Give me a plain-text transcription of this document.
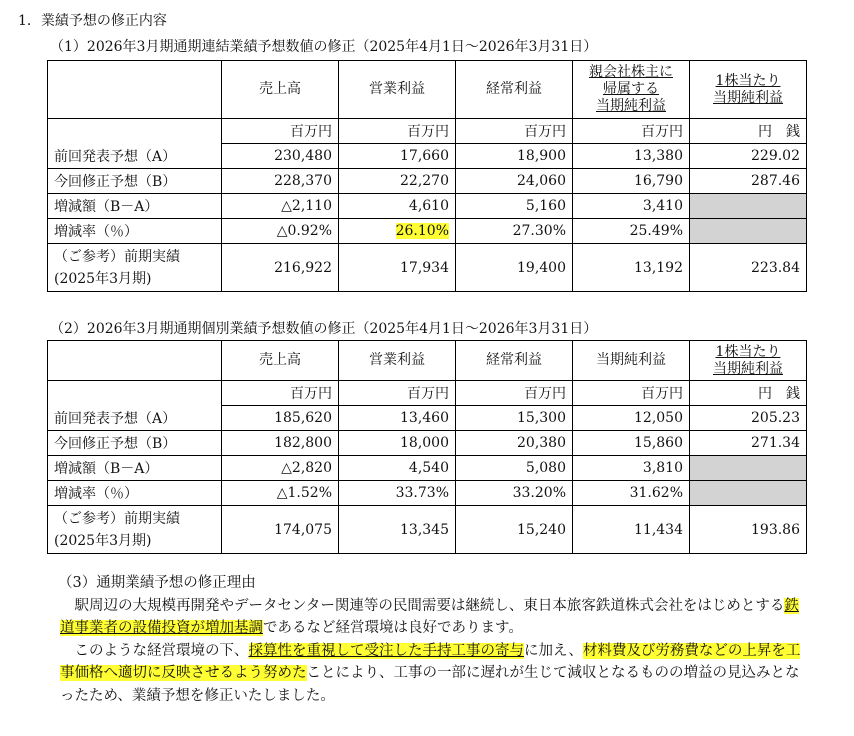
1．業績予想の修正内容
（1）2026年3月期通期連結業績予想数値の修正（2025年4月1日～2026年3月31日）
	売上高	営業利益	経常利益	親会社株主に
帰属する
当期純利益	1株当たり
当期純利益
	百万円	百万円	百万円	百万円	円　銭
前回発表予想（A）	230,480	17,660	18,900	13,380	229.02
今回修正予想（B）	228,370	22,270	24,060	16,790	287.46
増減額（B－A）	△2,110	4,610	5,160	3,410	
増減率（％）	△0.92%	26.10%	27.30%	25.49%	

（ご参考）前期実績
(2025年3月期)	216,922	17,934	19,400	13,192	223.84
（2）2026年3月期通期個別業績予想数値の修正（2025年4月1日～2026年3月31日）
	売上高	営業利益	経常利益	当期純利益	1株当たり
当期純利益
	百万円	百万円	百万円	百万円	円　銭
前回発表予想（A）	185,620	13,460	15,300	12,050	205.23
今回修正予想（B）	182,800	18,000	20,380	15,860	271.34
増減額（B－A）	△2,820	4,540	5,080	3,810	
増減率（％）	△1.52%	33.73%	33.20%	31.62%	

（ご参考）前期実績
(2025年3月期)	174,075	13,345	15,240	11,434	193.86

（3）通期業績予想の修正理由

駅周辺の大規模再開発やデータセンター関連等の民間需要は継続し、東日本旅客鉄道株式会社をはじめとする鉄道事業者の設備投資が増加基調であるなど経営環境は良好であります。

このような経営環境の下、採算性を重視して受注した手持工事の寄与に加え、材料費及び労務費などの上昇を工事価格へ適切に反映させるよう努めたことにより、工事の一部に遅れが生じて減収となるものの増益の見込みとなったため、業績予想を修正いたしました。
